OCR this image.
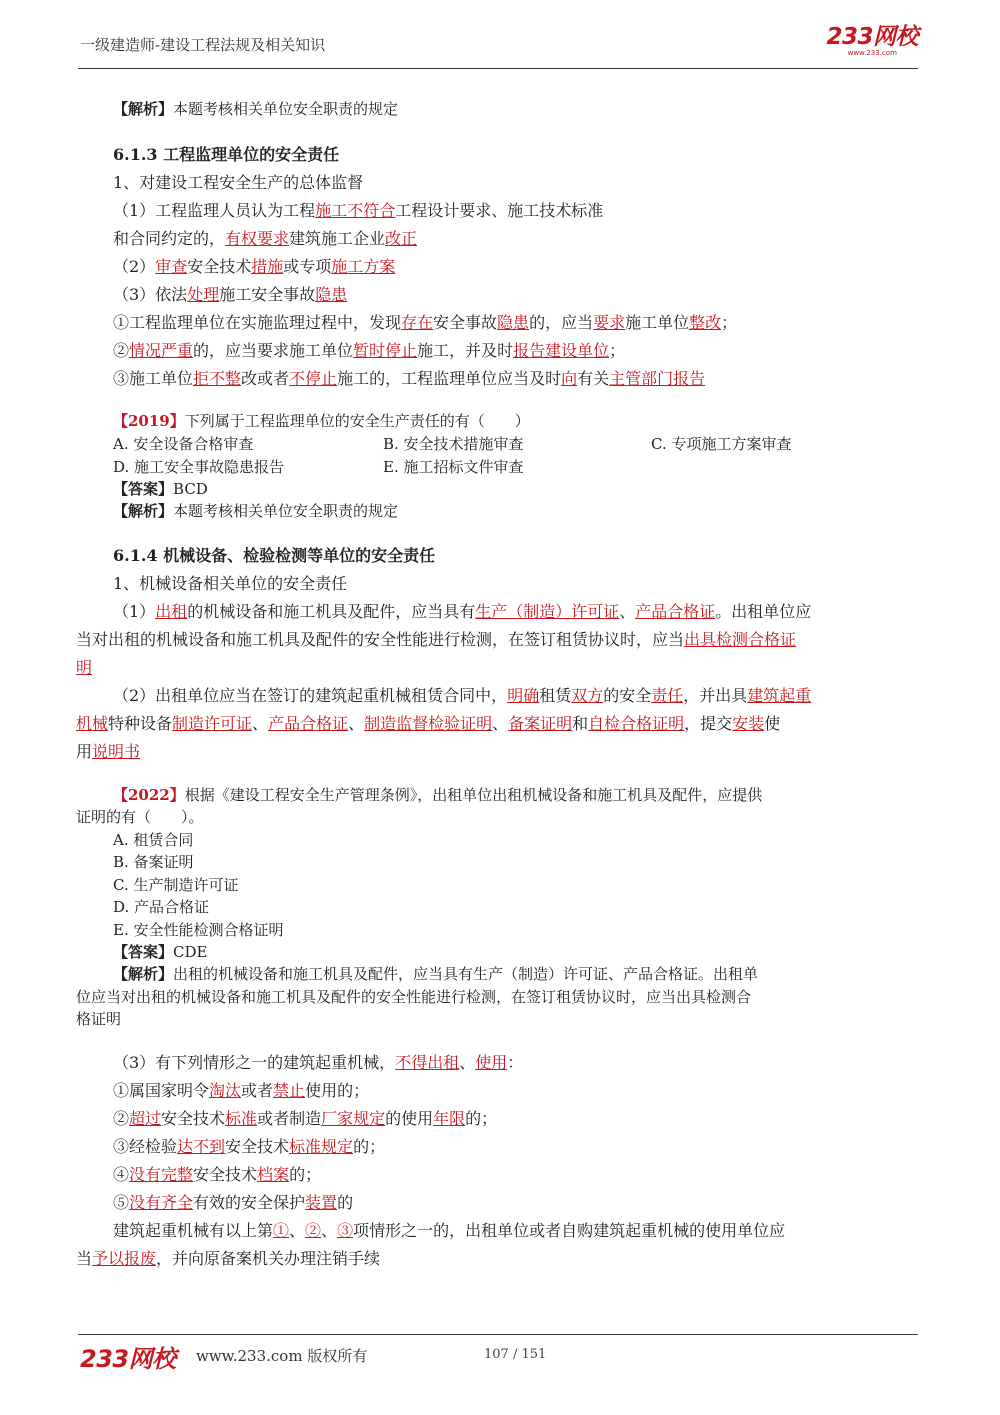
一级建造师-建设工程法规及相关知识	233网校
www.233.com
【解析】本题考核相关单位安全职责的规定
6.1.3 工程监理单位的安全责任
1、对建设工程安全生产的总体监督
（1）工程监理人员认为工程施工不符合工程设计要求、施工技术标准
和合同约定的，有权要求建筑施工企业改正
（2）审查安全技术措施或专项施工方案
（3）依法处理施工安全事故隐患
①工程监理单位在实施监理过程中，发现存在安全事故隐患的，应当要求施工单位整改；
②情况严重的，应当要求施工单位暂时停止施工，并及时报告建设单位；
③施工单位拒不整改或者不停止施工的，工程监理单位应当及时向有关主管部门报告
【2019】下列属于工程监理单位的安全生产责任的有（　　）
A. 安全设备合格审查	B. 安全技术措施审查	C. 专项施工方案审查
D. 施工安全事故隐患报告	E. 施工招标文件审查
【答案】BCD
【解析】本题考核相关单位安全职责的规定
6.1.4 机械设备、检验检测等单位的安全责任
1、机械设备相关单位的安全责任
（1）出租的机械设备和施工机具及配件，应当具有生产（制造）许可证、产品合格证。出租单位应
当对出租的机械设备和施工机具及配件的安全性能进行检测，在签订租赁协议时，应当出具检测合格证
明
（2）出租单位应当在签订的建筑起重机械租赁合同中，明确租赁双方的安全责任，并出具建筑起重
机械特种设备制造许可证、产品合格证、制造监督检验证明、备案证明和自检合格证明，提交安装使
用说明书
【2022】根据《建设工程安全生产管理条例》，出租单位出租机械设备和施工机具及配件，应提供
证明的有（　　）。
A. 租赁合同
B. 备案证明
C. 生产制造许可证
D. 产品合格证
E. 安全性能检测合格证明
【答案】CDE
【解析】出租的机械设备和施工机具及配件，应当具有生产（制造）许可证、产品合格证。出租单
位应当对出租的机械设备和施工机具及配件的安全性能进行检测，在签订租赁协议时，应当出具检测合
格证明
（3）有下列情形之一的建筑起重机械，不得出租、使用：
①属国家明令淘汰或者禁止使用的；
②超过安全技术标准或者制造厂家规定的使用年限的；
③经检验达不到安全技术标准规定的；
④没有完整安全技术档案的；
⑤没有齐全有效的安全保护装置的
建筑起重机械有以上第①、②、③项情形之一的，出租单位或者自购建筑起重机械的使用单位应
当予以报废，并向原备案机关办理注销手续
233网校 www.233.com 版权所有	107 / 151
